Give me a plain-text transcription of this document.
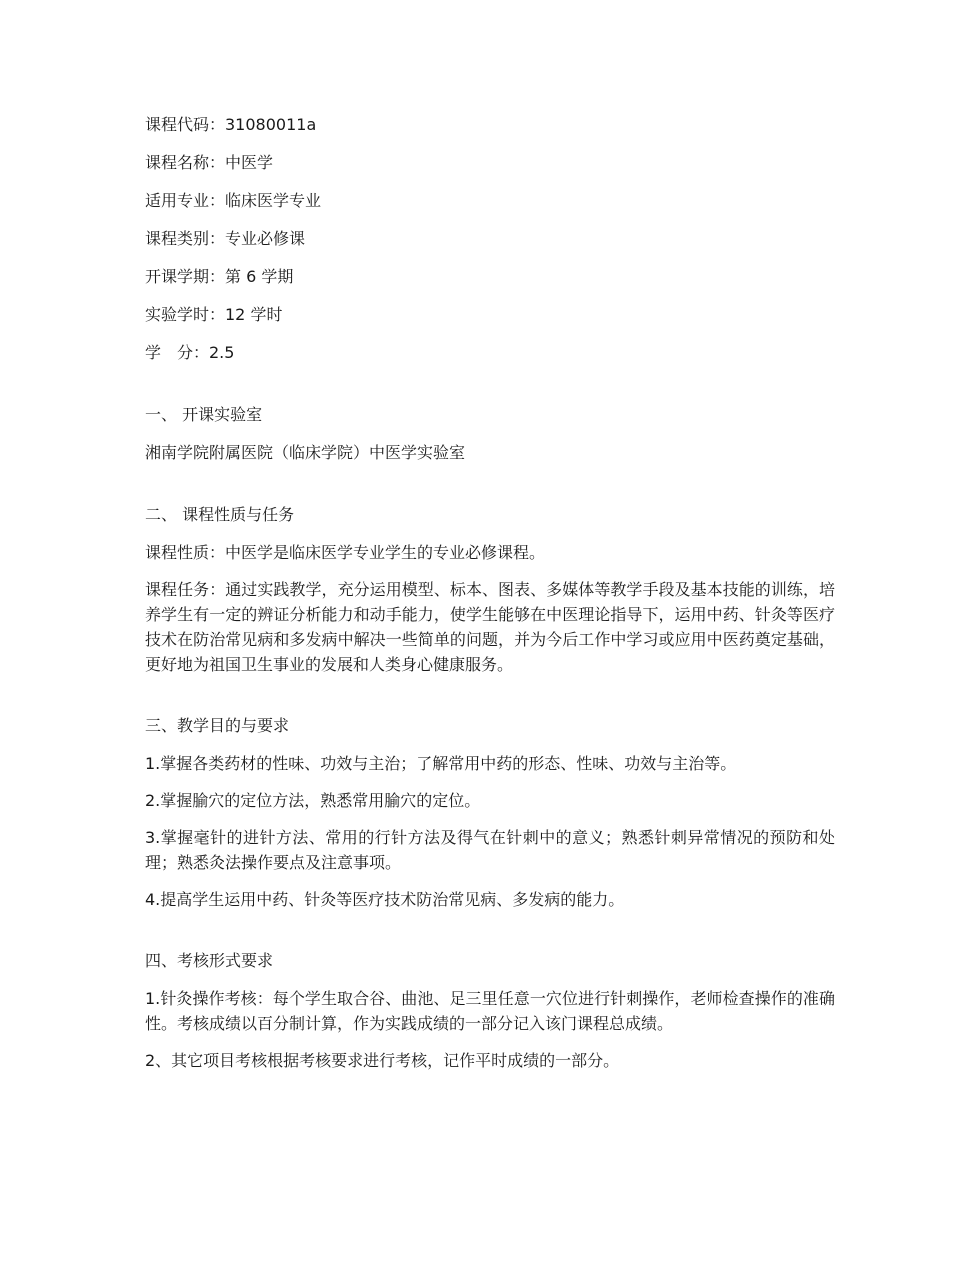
课程代码：31080011a
课程名称：中医学
适用专业：临床医学专业
课程类别：专业必修课
开课学期：第 6 学期
实验学时：12 学时
学　分：2.5
一、 开课实验室
湘南学院附属医院（临床学院）中医学实验室
二、 课程性质与任务
课程性质：中医学是临床医学专业学生的专业必修课程。
课程任务：通过实践教学，充分运用模型、标本、图表、多媒体等教学手段及基本技能的训练，培养学生有一定的辨证分析能力和动手能力，使学生能够在中医理论指导下，运用中药、针灸等医疗技术在防治常见病和多发病中解决一些简单的问题，并为今后工作中学习或应用中医药奠定基础，更好地为祖国卫生事业的发展和人类身心健康服务。
三、教学目的与要求
1.掌握各类药材的性味、功效与主治；了解常用中药的形态、性味、功效与主治等。
2.掌握腧穴的定位方法，熟悉常用腧穴的定位。
3.掌握毫针的进针方法、常用的行针方法及得气在针刺中的意义；熟悉针刺异常情况的预防和处理；熟悉灸法操作要点及注意事项。
4.提高学生运用中药、针灸等医疗技术防治常见病、多发病的能力。
四、考核形式要求
1.针灸操作考核：每个学生取合谷、曲池、足三里任意一穴位进行针刺操作，老师检查操作的准确性。考核成绩以百分制计算，作为实践成绩的一部分记入该门课程总成绩。
2、其它项目考核根据考核要求进行考核，记作平时成绩的一部分。
